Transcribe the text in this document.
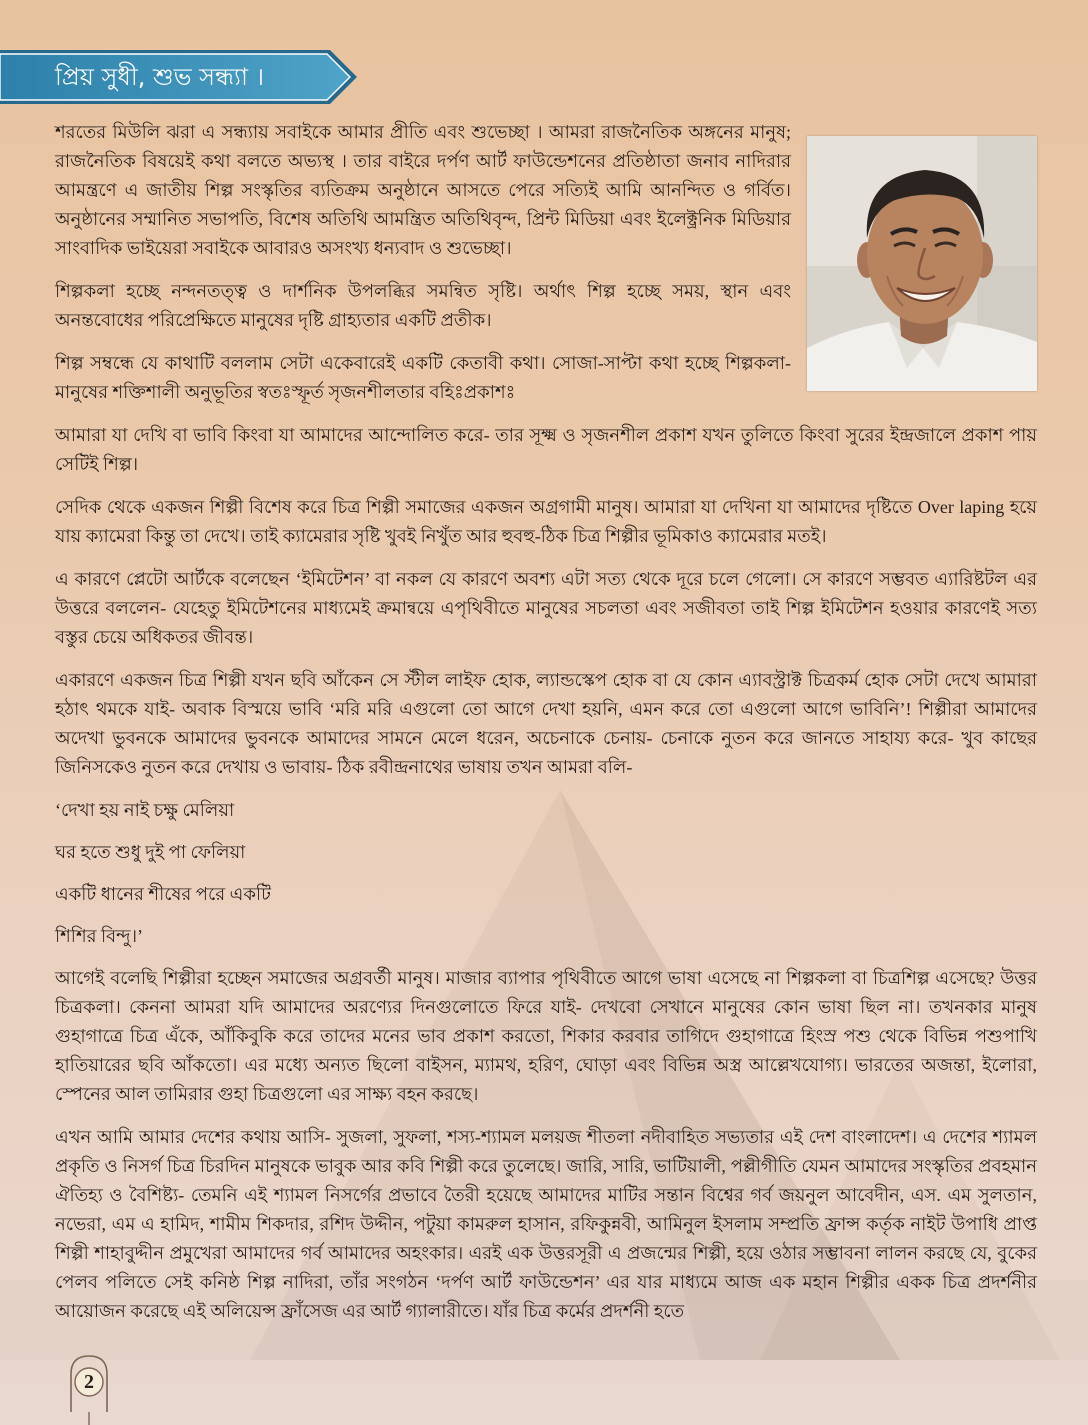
প্রিয় সুধী, শুভ সন্ধ্যা ।

শরতের মিউলি ঝরা এ সন্ধ্যায় সবাইকে আমার প্রীতি এবং শুভেচ্ছা । আমরা রাজনৈতিক অঙ্গনের মানুষ; রাজনৈতিক বিষয়েই কথা বলতে অভ্যস্থ । তার বাইরে দর্পণ আর্ট ফাউন্ডেশনের প্রতিষ্ঠাতা জনাব নাদিরার আমন্ত্রণে এ জাতীয় শিল্প সংস্কৃতির ব্যতিক্রম অনুষ্ঠানে আসতে পেরে সত্যিই আমি আনন্দিত ও গর্বিত। অনুষ্ঠানের সম্মানিত সভাপতি, বিশেষ অতিথি আমন্ত্রিত অতিথিবৃন্দ, প্রিন্ট মিডিয়া এবং ইলেক্ট্রনিক মিডিয়ার সাংবাদিক ভাইয়েরা সবাইকে আবারও অসংখ্য ধন্যবাদ ও শুভেচ্ছা।

শিল্পকলা হচ্ছে নন্দনতত্ত্ব ও দার্শনিক উপলব্ধির সমন্বিত সৃষ্টি। অর্থাৎ শিল্প হচ্ছে সময়, স্থান এবং অনন্তবোধের পরিপ্রেক্ষিতে মানুষের দৃষ্টি গ্রাহ্যতার একটি প্রতীক।

শিল্প সম্বন্ধে যে কাথাটি বললাম সেটা একেবারেই একটি কেতাবী কথা। সোজা-সাপ্টা কথা হচ্ছে শিল্পকলা-মানুষের শক্তিশালী অনুভূতির স্বতঃস্ফূর্ত সৃজনশীলতার বহিঃপ্রকাশঃ

আমারা যা দেখি বা ভাবি কিংবা যা আমাদের আন্দোলিত করে- তার সূক্ষ্ম ও সৃজনশীল প্রকাশ যখন তুলিতে কিংবা সুরের ইন্দ্রজালে প্রকাশ পায় সেটিই শিল্প।

সেদিক থেকে একজন শিল্পী বিশেষ করে চিত্র শিল্পী সমাজের একজন অগ্রগামী মানুষ। আমারা যা দেখিনা যা আমাদের দৃষ্টিতে Over laping হয়ে যায় ক্যামেরা কিন্তু তা দেখে। তাই ক্যামেরার সৃষ্টি খুবই নিখুঁত আর হুবহু-ঠিক চিত্র শিল্পীর ভূমিকাও ক্যামেরার মতই।

এ কারণে প্লেটো আর্টকে বলেছেন ‘ইমিটেশন’ বা নকল যে কারণে অবশ্য এটা সত্য থেকে দূরে চলে গেলো। সে কারণে সম্ভবত এ্যারিষ্টটল এর উত্তরে বললেন- যেহেতু ইমিটেশনের মাধ্যমেই ক্রমান্বয়ে এপৃথিবীতে মানুষের সচলতা এবং সজীবতা তাই শিল্প ইমিটেশন হওয়ার কারণেই সত্য বস্তুর চেয়ে অধিকতর জীবন্ত।

একারণে একজন চিত্র শিল্পী যখন ছবি আঁকেন সে স্টীল লাইফ হোক, ল্যান্ডস্কেপ হোক বা যে কোন এ্যাবস্ট্রাক্ট চিত্রকর্ম হোক সেটা দেখে আমারা হঠাৎ থমকে যাই- অবাক বিস্ময়ে ভাবি ‘মরি মরি এগুলো তো আগে দেখা হয়নি, এমন করে তো এগুলো আগে ভাবিনি’! শিল্পীরা আমাদের অদেখা ভুবনকে আমাদের ভুবনকে আমাদের সামনে মেলে ধরেন, অচেনাকে চেনায়- চেনাকে নুতন করে জানতে সাহায্য করে- খুব কাছের জিনিসকেও নুতন করে দেখায় ও ভাবায়- ঠিক রবীন্দ্রনাথের ভাষায় তখন আমরা বলি-

‘দেখা হয় নাই চক্ষু মেলিয়া

ঘর হতে শুধু দুই পা ফেলিয়া

একটি ধানের শীষের পরে একটি

শিশির বিন্দু।’

আগেই বলেছি শিল্পীরা হচ্ছেন সমাজের অগ্রবর্তী মানুষ। মাজার ব্যাপার পৃথিবীতে আগে ভাষা এসেছে না শিল্পকলা বা চিত্রশিল্প এসেছে? উত্তর চিত্রকলা। কেননা আমরা যদি আমাদের অরণ্যের দিনগুলোতে ফিরে যাই- দেখবো সেখানে মানুষের কোন ভাষা ছিল না। তখনকার মানুষ গুহাগাত্রে চিত্র এঁকে, আঁকিবুকি করে তাদের মনের ভাব প্রকাশ করতো, শিকার করবার তাগিদে গুহাগাত্রে হিংস্র পশু থেকে বিভিন্ন পশুপাখি হাতিয়ারের ছবি আঁকতো। এর মধ্যে অন্যত ছিলো বাইসন, ম্যামথ, হরিণ, ঘোড়া এবং বিভিন্ন অস্ত্র আল্লেখযোগ্য। ভারতের অজন্তা, ইলোরা, স্পেনের আল তামিরার গুহা চিত্রগুলো এর সাক্ষ্য বহন করছে।

এখন আমি আমার দেশের কথায় আসি- সুজলা, সুফলা, শস্য-শ্যামল মলয়জ শীতলা নদীবাহিত সভ্যতার এই দেশ বাংলাদেশ। এ দেশের শ্যামল প্রকৃতি ও নিসর্গ চিত্র চিরদিন মানুষকে ভাবুক আর কবি শিল্পী করে তুলেছে। জারি, সারি, ভাটিয়ালী, পল্লীগীতি যেমন আমাদের সংস্কৃতির প্রবহমান ঐতিহ্য ও বৈশিষ্ট্য- তেমনি এই শ্যামল নিসর্গের প্রভাবে তৈরী হয়েছে আমাদের মাটির সন্তান বিশ্বের গর্ব জয়নুল আবেদীন, এস. এম সুলতান, নভেরা, এম এ হামিদ, শামীম শিকদার, রশিদ উদ্দীন, পটুয়া কামরুল হাসান, রফিকুন্নবী, আমিনুল ইসলাম সম্প্রতি ফ্রান্স কর্তৃক নাইট উপাধি প্রাপ্ত শিল্পী শাহাবুদ্দীন প্রমুখেরা আমাদের গর্ব আমাদের অহংকার। এরই এক উত্তরসূরী এ প্রজন্মের শিল্পী, হয়ে ওঠার সম্ভাবনা লালন করছে যে, বুকের পেলব পলিতে সেই কনিষ্ঠ শিল্প নাদিরা, তাঁর সংগঠন ‘দর্পণ আর্ট ফাউন্ডেশন’ এর যার মাধ্যমে আজ এক মহান শিল্পীর একক চিত্র প্রদর্শনীর আয়োজন করেছে এই অলিয়েন্স ফ্রাঁসেজ এর আর্ট গ্যালারীতে। যাঁর চিত্র কর্মের প্রদর্শনী হতে

2
